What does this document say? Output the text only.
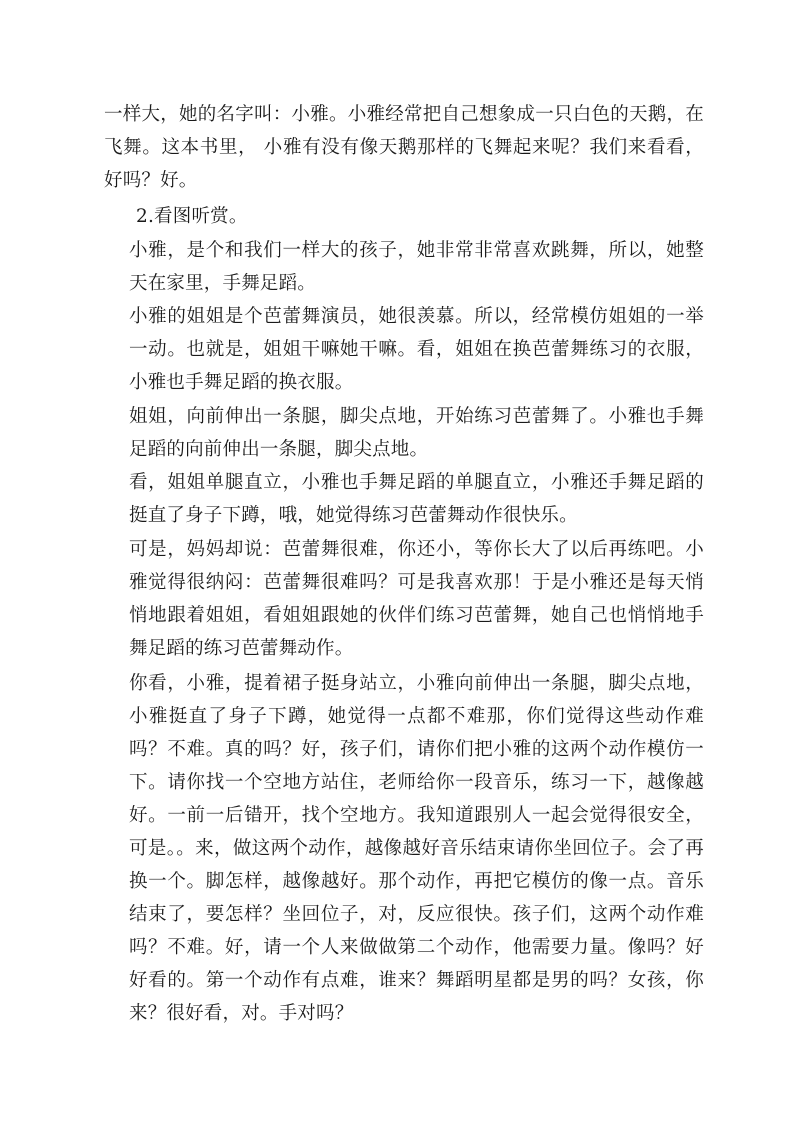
一样大，她的名字叫：小雅。小雅经常把自己想象成一只白色的天鹅，在飞舞。这本书里， 小雅有没有像天鹅那样的飞舞起来呢？我们来看看，好吗？好。

2.看图听赏。

小雅，是个和我们一样大的孩子，她非常非常喜欢跳舞，所以，她整天在家里，手舞足蹈。

小雅的姐姐是个芭蕾舞演员，她很羡慕。所以，经常模仿姐姐的一举一动。也就是，姐姐干嘛她干嘛。看，姐姐在换芭蕾舞练习的衣服，小雅也手舞足蹈的换衣服。

姐姐，向前伸出一条腿，脚尖点地，开始练习芭蕾舞了。小雅也手舞足蹈的向前伸出一条腿，脚尖点地。

看，姐姐单腿直立，小雅也手舞足蹈的单腿直立，小雅还手舞足蹈的挺直了身子下蹲，哦，她觉得练习芭蕾舞动作很快乐。

可是，妈妈却说：芭蕾舞很难，你还小，等你长大了以后再练吧。小雅觉得很纳闷：芭蕾舞很难吗？可是我喜欢那！于是小雅还是每天悄悄地跟着姐姐，看姐姐跟她的伙伴们练习芭蕾舞，她自己也悄悄地手舞足蹈的练习芭蕾舞动作。

你看，小雅，提着裙子挺身站立，小雅向前伸出一条腿，脚尖点地，小雅挺直了身子下蹲，她觉得一点都不难那，你们觉得这些动作难吗？不难。真的吗？好，孩子们，请你们把小雅的这两个动作模仿一下。请你找一个空地方站住，老师给你一段音乐，练习一下，越像越好。一前一后错开，找个空地方。我知道跟别人一起会觉得很安全，可是。。来，做这两个动作，越像越好音乐结束请你坐回位子。会了再换一个。脚怎样，越像越好。那个动作，再把它模仿的像一点。音乐结束了，要怎样？坐回位子，对，反应很快。孩子们，这两个动作难吗？不难。好，请一个人来做做第二个动作，他需要力量。像吗？好好看的。第一个动作有点难，谁来？舞蹈明星都是男的吗？女孩，你来？很好看，对。手对吗？
